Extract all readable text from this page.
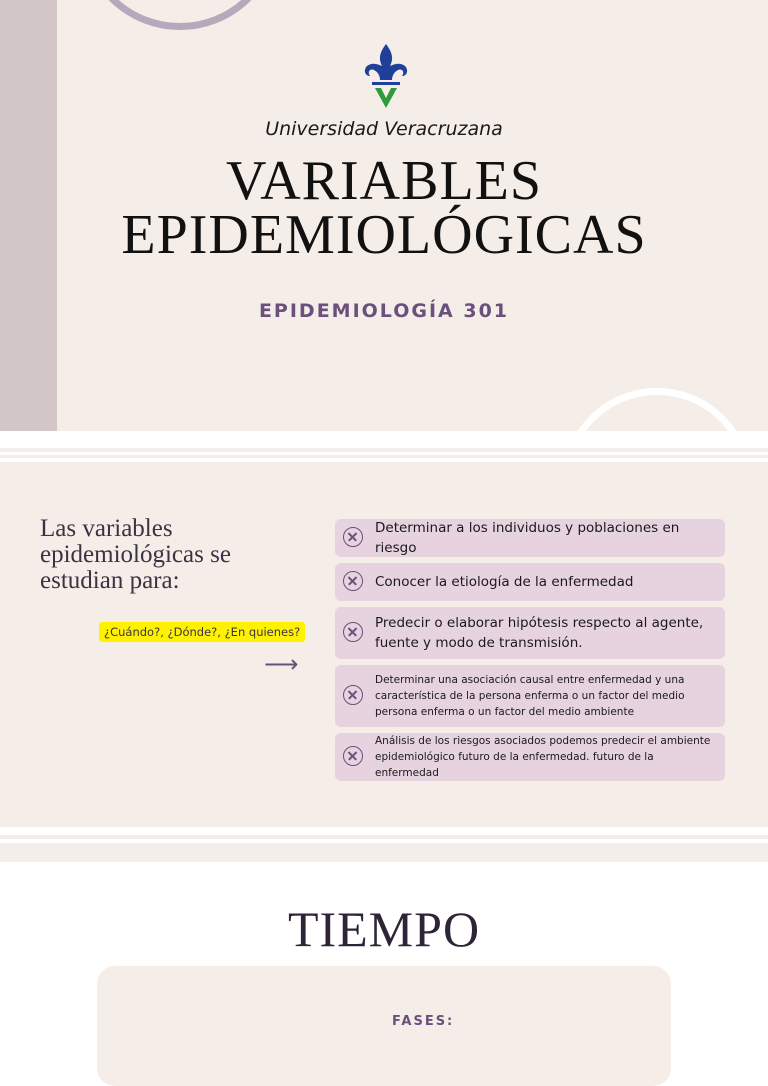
Universidad Veracruzana
VARIABLES
EPIDEMIOLÓGICAS
EPIDEMIOLOGÍA 301
Las variables epidemiológicas se estudian para:
¿Cuándo?, ¿Dónde?, ¿En quienes?
⟶
Determinar a los individuos y poblaciones en riesgo
Conocer la etiología de la enfermedad
Predecir o elaborar hipótesis respecto al agente, fuente y modo de transmisión.
Determinar una asociación causal entre enfermedad y una característica de la persona enferma o un factor del medio persona enferma o un factor del medio ambiente
Análisis de los riesgos asociados podemos predecir el ambiente epidemiológico futuro de la enfermedad. futuro de la enfermedad
TIEMPO
FASES:
